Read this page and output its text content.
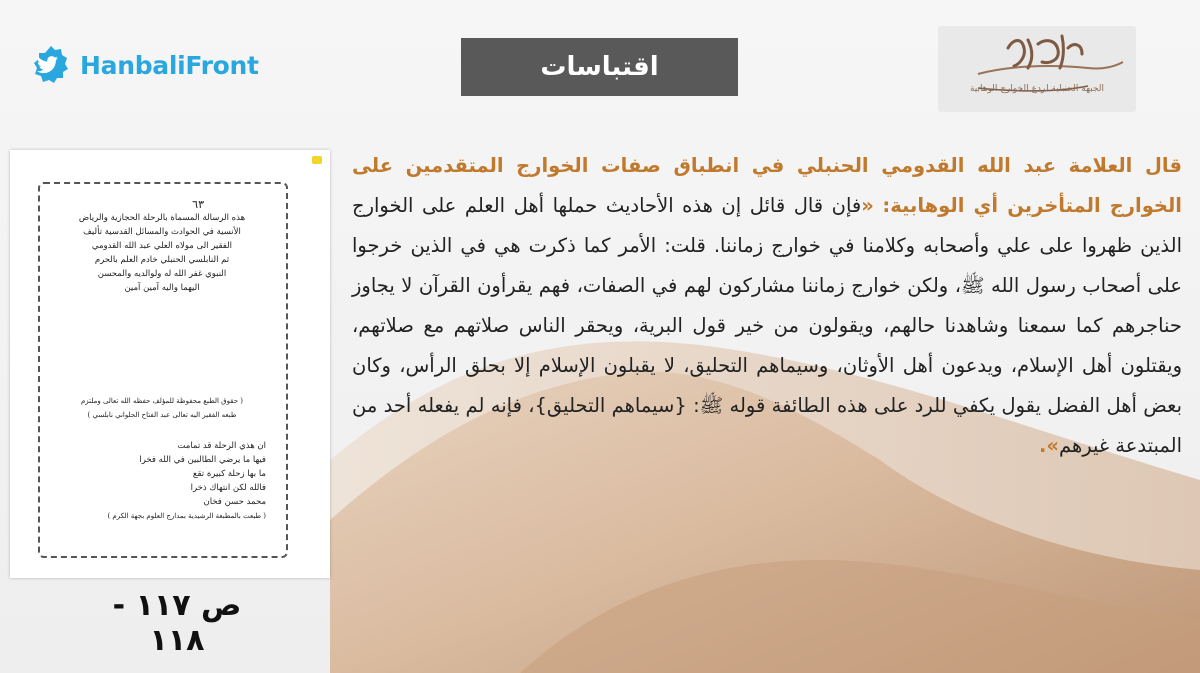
HanbaliFront	اقتباسات
الجبهة الحنبلية لردع الخوارج الوهابية

٦٣

هذه الرسالة المسماة بالرحلة الحجازية والرياض

الأنسية في الحوادث والمسائل القدسية تأليف

الفقير الى مولاه العلي عبد الله القدومي

ثم النابلسي الحنبلي خادم العلم بالحرم

النبوي غفر الله له ولوالديه والمحسن

اليهما واليه آمين آمين

( حقوق الطبع محفوظة للمؤلف حفظه الله تعالى وملتزم

طبعه الفقير اليه تعالى عبد الفتاح الحلواني نابلسي )

ان هذي الرحلة قد تمامت

فيها ما يرضي الطالبين في الله فخرا

ما بها زحلة كبيرة تقع

فالله لكن انتهاك ذخرا

محمد حسن فخان

( طبعت بالمطبعة الرشيدية بمدارج العلوم بجهة الكرم )

ص ١١٧ - ١١٨
قال العلامة عبد الله القدومي الحنبلي في انطباق صفات الخوارج المتقدمين على الخوارج المتأخرين أي الوهابية: «فإن قال قائل إن هذه الأحاديث حملها أهل العلم على الخوارج الذين ظهروا على علي وأصحابه وكلامنا في خوارج زماننا. قلت: الأمر كما ذكرت هي في الذين خرجوا على أصحاب رسول الله ﷺ، ولكن خوارج زماننا مشاركون لهم في الصفات، فهم يقرأون القرآن لا يجاوز حناجرهم كما سمعنا وشاهدنا حالهم، ويقولون من خير قول البرية، ويحقر الناس صلاتهم مع صلاتهم، ويقتلون أهل الإسلام، ويدعون أهل الأوثان، وسيماهم التحليق، لا يقبلون الإسلام إلا بحلق الرأس، وكان بعض أهل الفضل يقول يكفي للرد على هذه الطائفة قوله ﷺ: {سيماهم التحليق}، فإنه لم يفعله أحد من المبتدعة غيرهم».
